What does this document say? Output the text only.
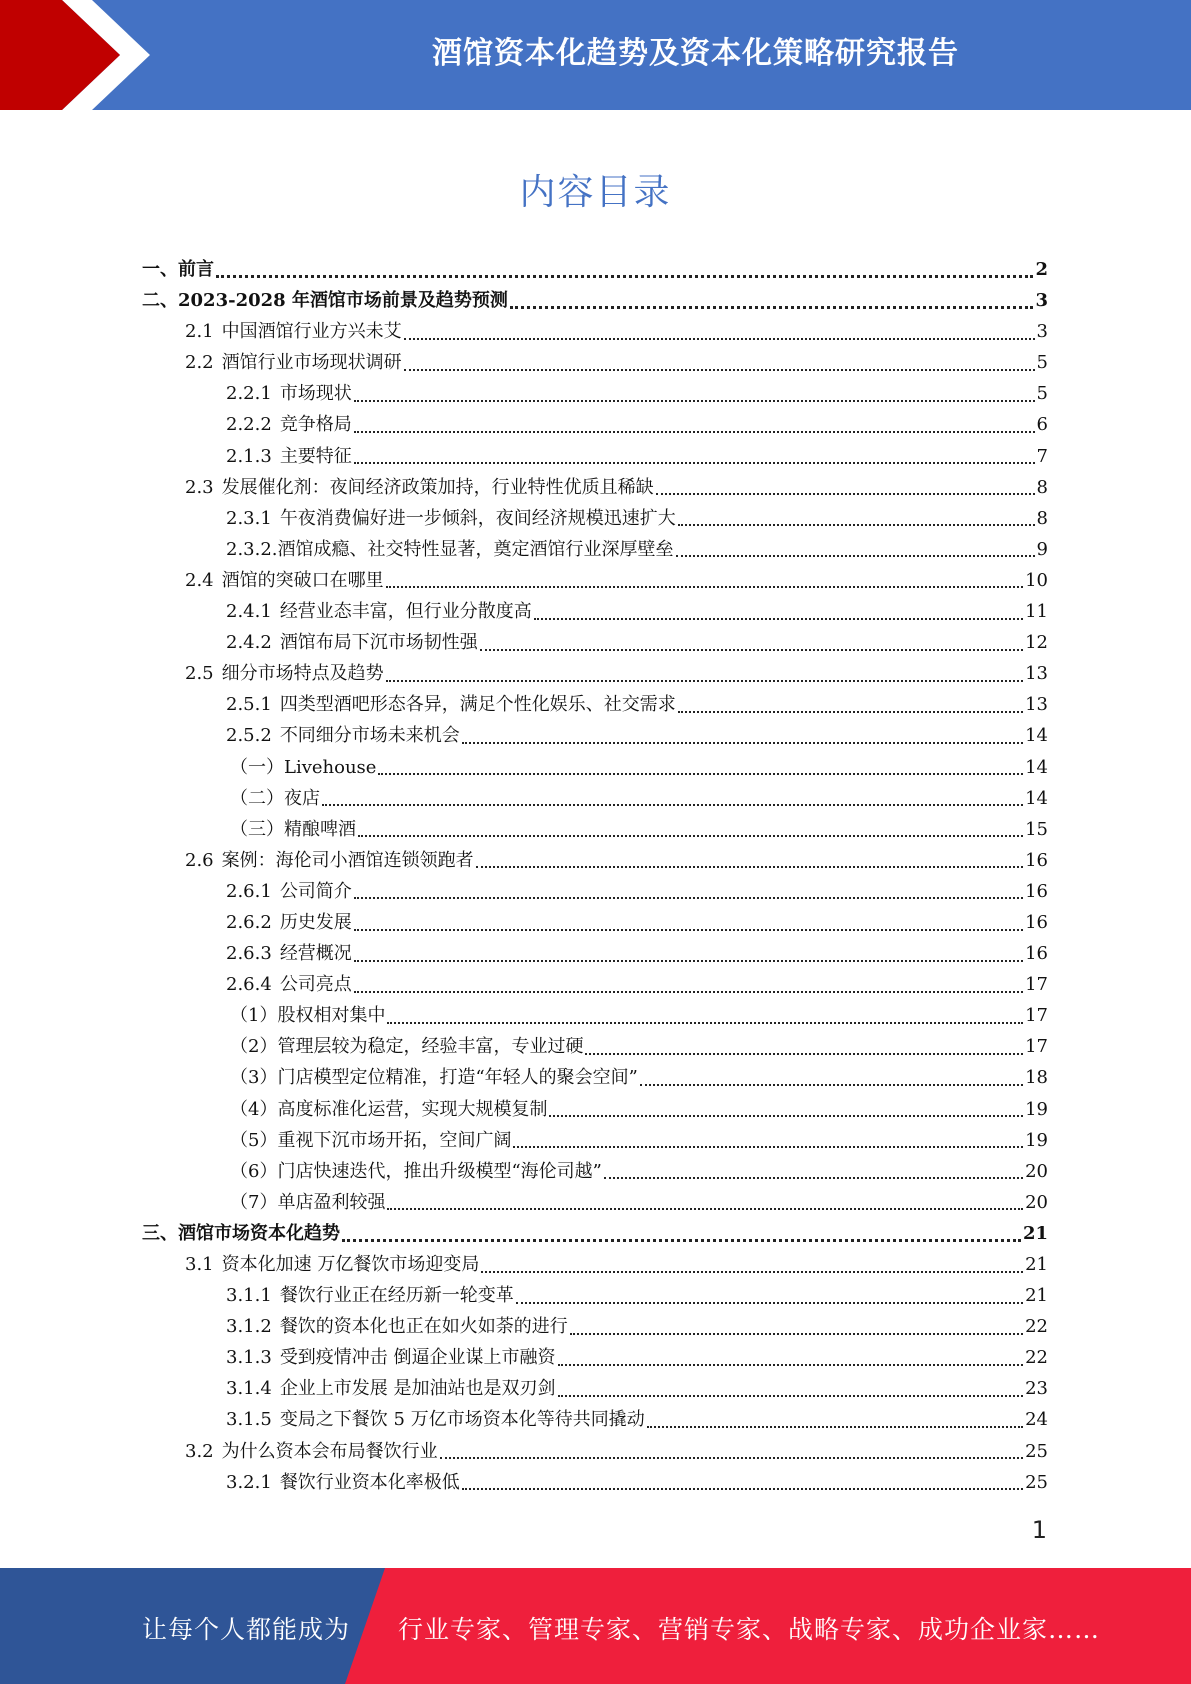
酒馆资本化趋势及资本化策略研究报告
内容目录
一、前言	2
二、2023-2028 年酒馆市场前景及趋势预测	3
2.1 中国酒馆行业方兴未艾	3
2.2 酒馆行业市场现状调研	5
2.2.1 市场现状	5
2.2.2 竞争格局	6
2.1.3 主要特征	7
2.3 发展催化剂：夜间经济政策加持，行业特性优质且稀缺	8
2.3.1 午夜消费偏好进一步倾斜，夜间经济规模迅速扩大	8
2.3.2.酒馆成瘾、社交特性显著，奠定酒馆行业深厚壁垒	9
2.4 酒馆的突破口在哪里	10
2.4.1 经营业态丰富，但行业分散度高	11
2.4.2 酒馆布局下沉市场韧性强	12
2.5 细分市场特点及趋势	13
2.5.1 四类型酒吧形态各异，满足个性化娱乐、社交需求	13
2.5.2 不同细分市场未来机会	14
（一） Livehouse	14
（二） 夜店	14
（三） 精酿啤酒	15
2.6 案例：海伦司小酒馆连锁领跑者	16
2.6.1 公司简介	16
2.6.2 历史发展	16
2.6.3 经营概况	16
2.6.4 公司亮点	17
（1） 股权相对集中	17
（2） 管理层较为稳定，经验丰富，专业过硬	17
（3） 门店模型定位精准，打造“年轻人的聚会空间”	18
（4） 高度标准化运营，实现大规模复制	19
（5） 重视下沉市场开拓，空间广阔	19
（6） 门店快速迭代，推出升级模型“海伦司越”	20
（7） 单店盈利较强	20
三、酒馆市场资本化趋势	21
3.1 资本化加速 万亿餐饮市场迎变局	21
3.1.1 餐饮行业正在经历新一轮变革	21
3.1.2 餐饮的资本化也正在如火如荼的进行	22
3.1.3 受到疫情冲击 倒逼企业谋上市融资	22
3.1.4 企业上市发展 是加油站也是双刃剑	23
3.1.5 变局之下餐饮 5 万亿市场资本化等待共同撬动	24
3.2 为什么资本会布局餐饮行业	25
3.2.1 餐饮行业资本化率极低	25
1
让每个人都能成为 行业专家、管理专家、营销专家、战略专家、成功企业家……
